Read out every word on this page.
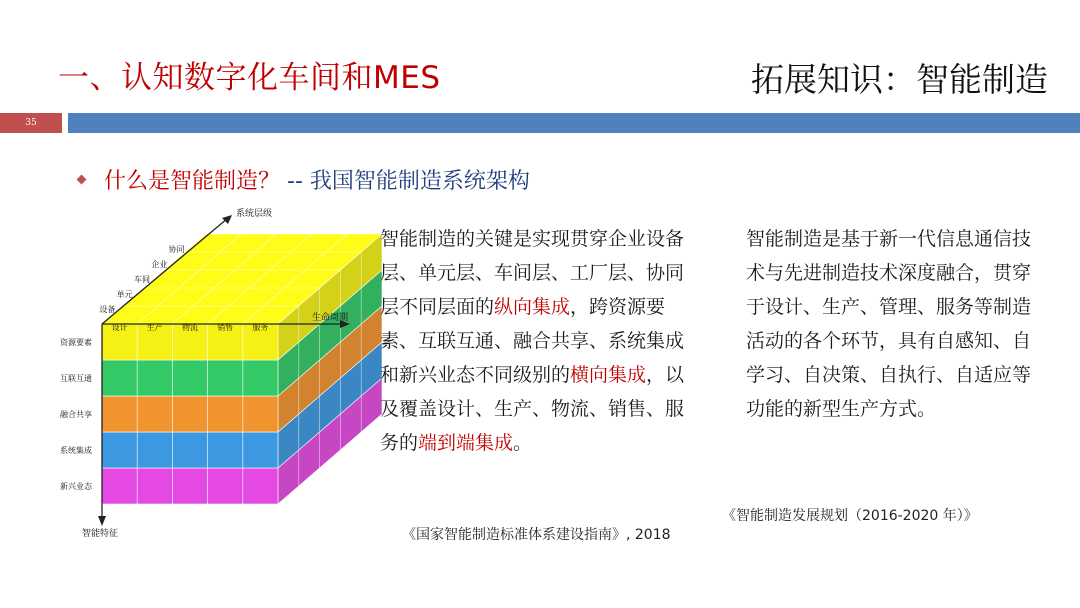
一、认知数字化车间和MES	拓展知识：智能制造
35
什么是智能制造？ -- 我国智能制造系统架构
设计 生产 物流 销售 服务
资源要素
互联互通
融合共享
系统集成
新兴业态
协同
企业
车间
单元
设备
系统层级
生命周期
智能特征
智能制造的关键是实现贯穿企业设备层、单元层、车间层、工厂层、协同层不同层面的纵向集成，跨资源要素、互联互通、融合共享、系统集成和新兴业态不同级别的横向集成，以及覆盖设计、生产、物流、销售、服务的端到端集成。
智能制造是基于新一代信息通信技术与先进制造技术深度融合，贯穿于设计、生产、管理、服务等制造活动的各个环节，具有自感知、自学习、自决策、自执行、自适应等功能的新型生产方式。
《国家智能制造标准体系建设指南》, 2018
《智能制造发展规划（2016-2020 年）》
